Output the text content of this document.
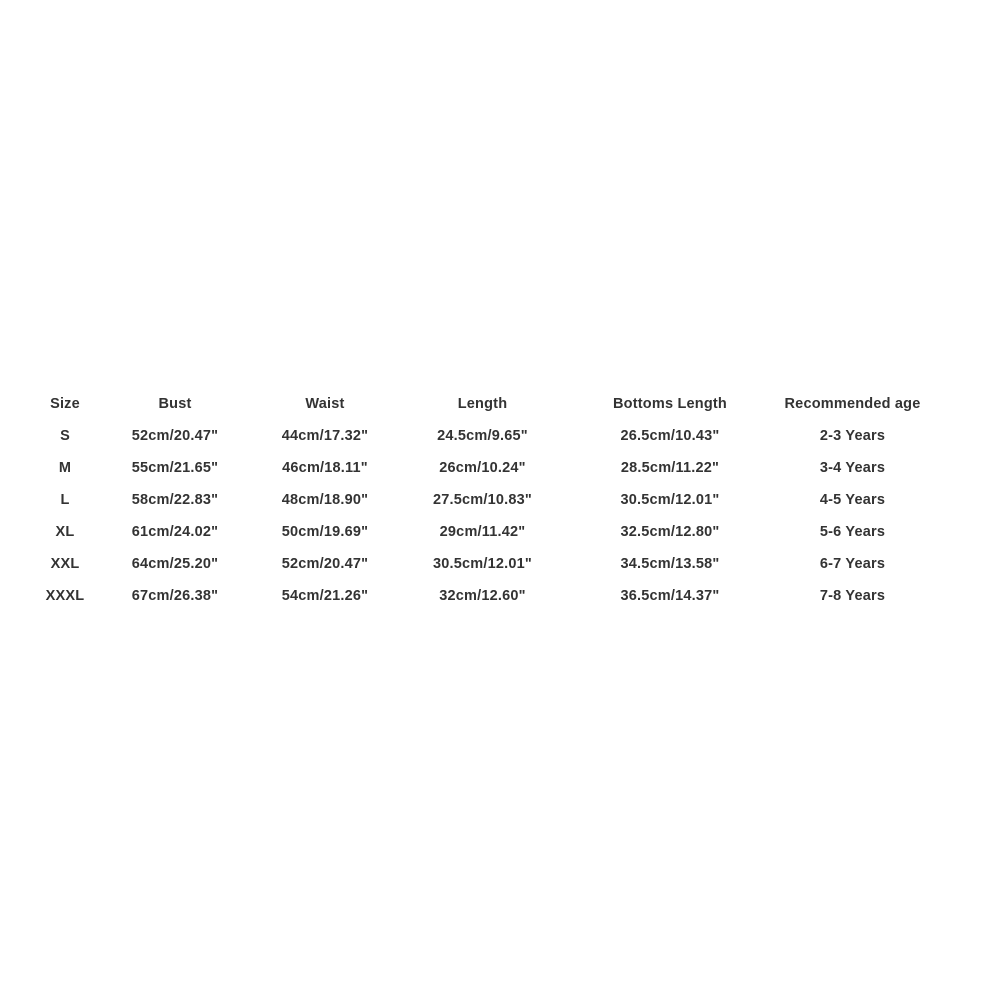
Size	Bust	Waist	Length	Bottoms Length	Recommended age
S	52cm/20.47"	44cm/17.32"	24.5cm/9.65"	26.5cm/10.43"	2-3 Years
M	55cm/21.65"	46cm/18.11"	26cm/10.24"	28.5cm/11.22"	3-4 Years
L	58cm/22.83"	48cm/18.90"	27.5cm/10.83"	30.5cm/12.01"	4-5 Years
XL	61cm/24.02"	50cm/19.69"	29cm/11.42"	32.5cm/12.80"	5-6 Years
XXL	64cm/25.20"	52cm/20.47"	30.5cm/12.01"	34.5cm/13.58"	6-7 Years
XXXL	67cm/26.38"	54cm/21.26"	32cm/12.60"	36.5cm/14.37"	7-8 Years
